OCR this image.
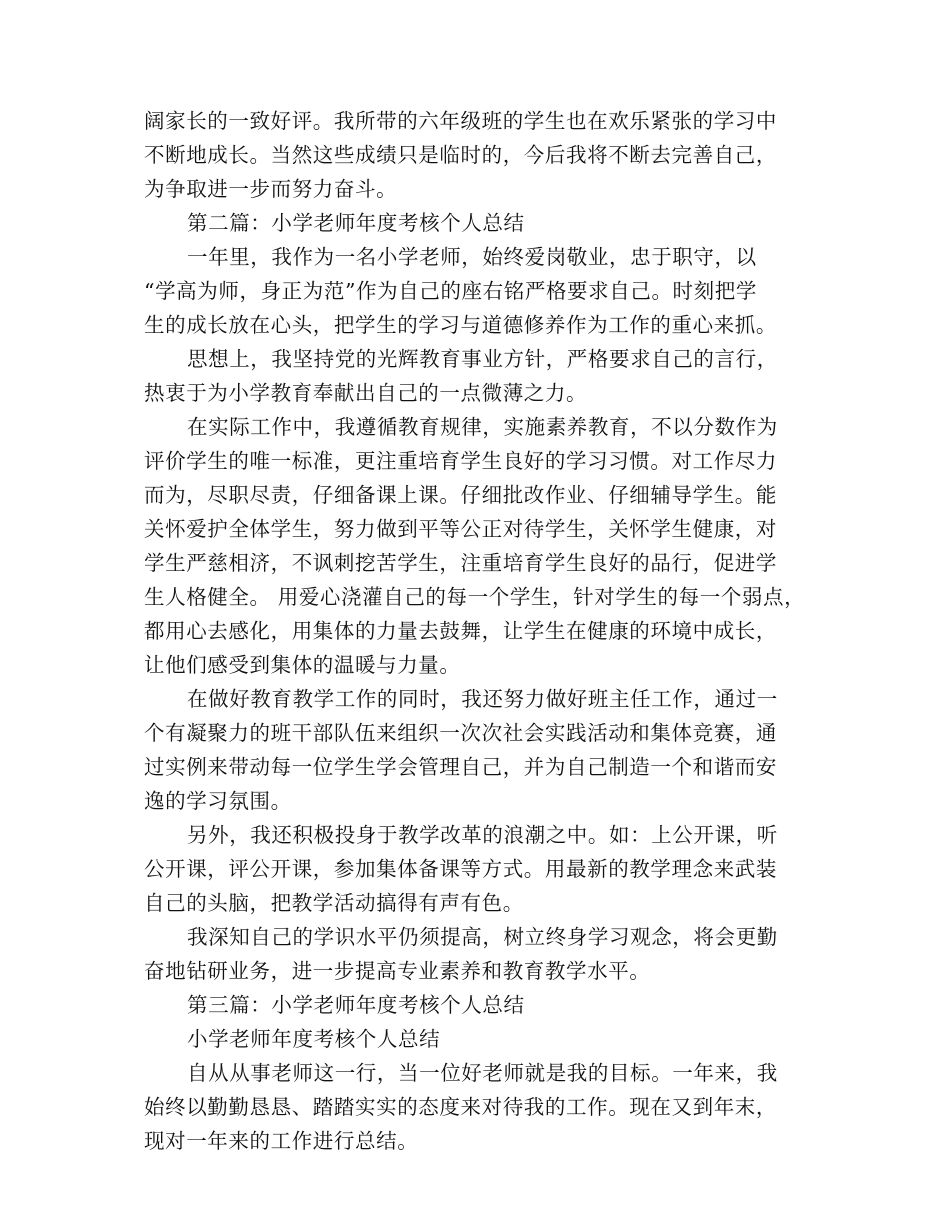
阔家长的一致好评。我所带的六年级班的学生也在欢乐紧张的学习中
不断地成长。当然这些成绩只是临时的，今后我将不断去完善自己，
为争取进一步而努力奋斗。
第二篇：小学老师年度考核个人总结
一年里，我作为一名小学老师，始终爱岗敬业，忠于职守，以
“学高为师，身正为范”作为自己的座右铭严格要求自己。时刻把学
生的成长放在心头，把学生的学习与道德修养作为工作的重心来抓。
思想上，我坚持党的光辉教育事业方针，严格要求自己的言行，
热衷于为小学教育奉献出自己的一点微薄之力。
在实际工作中，我遵循教育规律，实施素养教育，不以分数作为
评价学生的唯一标准，更注重培育学生良好的学习习惯。对工作尽力
而为，尽职尽责，仔细备课上课。仔细批改作业、仔细辅导学生。能
关怀爱护全体学生，努力做到平等公正对待学生，关怀学生健康，对
学生严慈相济，不讽刺挖苦学生，注重培育学生良好的品行，促进学
生人格健全。 用爱心浇灌自己的每一个学生，针对学生的每一个弱点，
都用心去感化，用集体的力量去鼓舞，让学生在健康的环境中成长，
让他们感受到集体的温暖与力量。
在做好教育教学工作的同时，我还努力做好班主任工作，通过一
个有凝聚力的班干部队伍来组织一次次社会实践活动和集体竞赛，通
过实例来带动每一位学生学会管理自己，并为自己制造一个和谐而安
逸的学习氛围。
另外，我还积极投身于教学改革的浪潮之中。如：上公开课，听
公开课，评公开课，参加集体备课等方式。用最新的教学理念来武装
自己的头脑，把教学活动搞得有声有色。
我深知自己的学识水平仍须提高，树立终身学习观念，将会更勤
奋地钻研业务，进一步提高专业素养和教育教学水平。
第三篇：小学老师年度考核个人总结
小学老师年度考核个人总结
自从从事老师这一行，当一位好老师就是我的目标。一年来，我
始终以勤勤恳恳、踏踏实实的态度来对待我的工作。现在又到年末，
现对一年来的工作进行总结。
